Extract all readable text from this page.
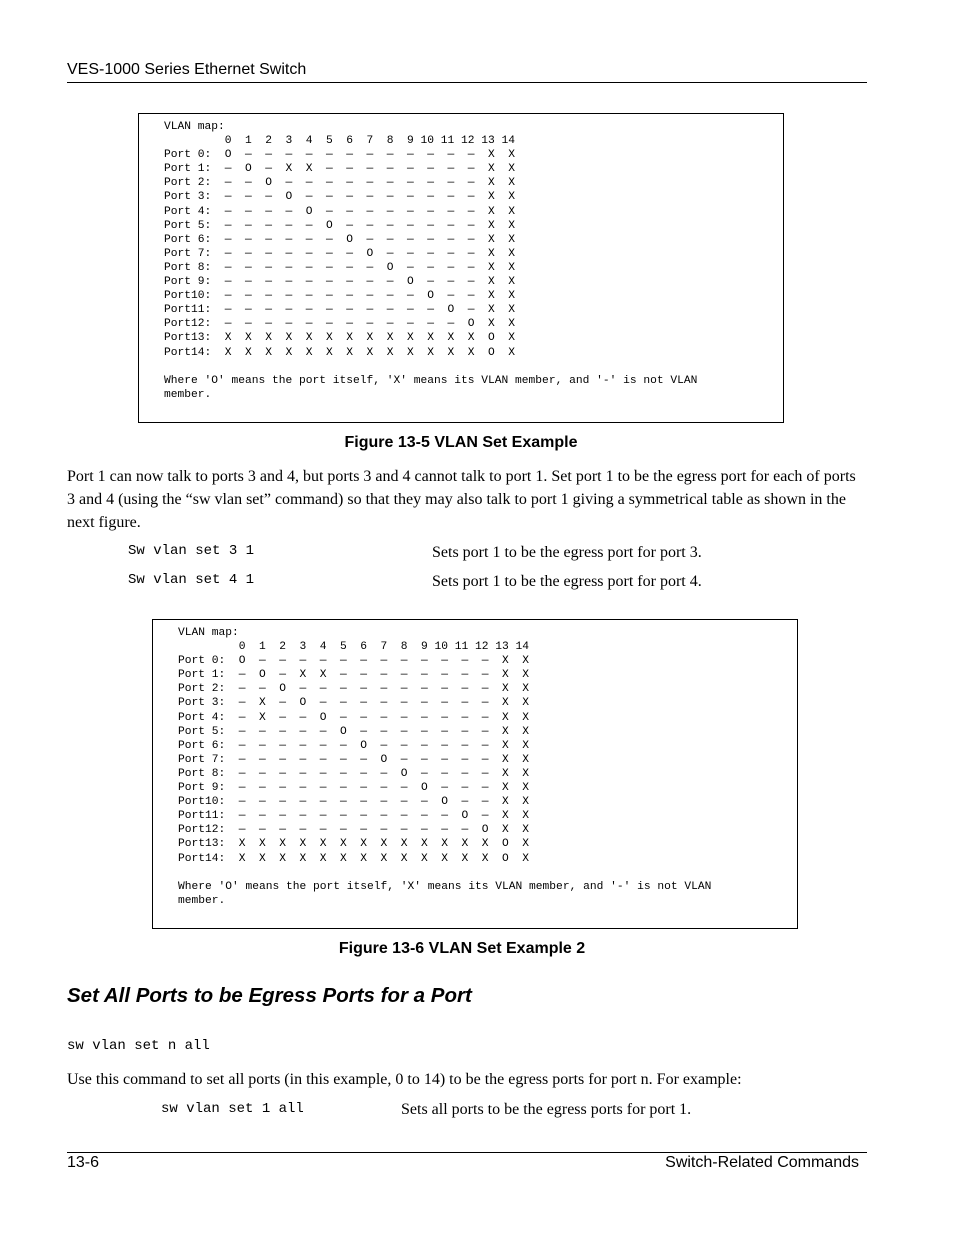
VES-1000 Series Ethernet Switch
VLAN map:
0  1  2  3  4  5  6  7  8  9 10 11 12 13 14
Port 0:  O  —  —  —  —  —  —  —  —  —  —  —  —  X  X
Port 1:  —  O  —  X  X  —  —  —  —  —  —  —  —  X  X
Port 2:  —  —  O  —  —  —  —  —  —  —  —  —  —  X  X
Port 3:  —  —  —  O  —  —  —  —  —  —  —  —  —  X  X
Port 4:  —  —  —  —  O  —  —  —  —  —  —  —  —  X  X
Port 5:  —  —  —  —  —  O  —  —  —  —  —  —  —  X  X
Port 6:  —  —  —  —  —  —  O  —  —  —  —  —  —  X  X
Port 7:  —  —  —  —  —  —  —  O  —  —  —  —  —  X  X
Port 8:  —  —  —  —  —  —  —  —  O  —  —  —  —  X  X
Port 9:  —  —  —  —  —  —  —  —  —  O  —  —  —  X  X
Port10:  —  —  —  —  —  —  —  —  —  —  O  —  —  X  X
Port11:  —  —  —  —  —  —  —  —  —  —  —  O  —  X  X
Port12:  —  —  —  —  —  —  —  —  —  —  —  —  O  X  X
Port13:  X  X  X  X  X  X  X  X  X  X  X  X  X  O  X
Port14:  X  X  X  X  X  X  X  X  X  X  X  X  X  O  X

Where 'O' means the port itself, 'X' means its VLAN member, and '-' is not VLAN
member.
Figure 13-5 VLAN Set Example
Port 1 can now talk to ports 3 and 4, but ports 3 and 4 cannot talk to port 1. Set port 1 to be the egress port for each of ports 3 and 4 (using the “sw vlan set” command) so that they may also talk to port 1 giving a symmetrical table as shown in the next figure.
Sw vlan set 3 1	Sets port 1 to be the egress port for port 3.
Sw vlan set 4 1	Sets port 1 to be the egress port for port 4.
VLAN map:
0  1  2  3  4  5  6  7  8  9 10 11 12 13 14
Port 0:  O  —  —  —  —  —  —  —  —  —  —  —  —  X  X
Port 1:  —  O  —  X  X  —  —  —  —  —  —  —  —  X  X
Port 2:  —  —  O  —  —  —  —  —  —  —  —  —  —  X  X
Port 3:  —  X  —  O  —  —  —  —  —  —  —  —  —  X  X
Port 4:  —  X  —  —  O  —  —  —  —  —  —  —  —  X  X
Port 5:  —  —  —  —  —  O  —  —  —  —  —  —  —  X  X
Port 6:  —  —  —  —  —  —  O  —  —  —  —  —  —  X  X
Port 7:  —  —  —  —  —  —  —  O  —  —  —  —  —  X  X
Port 8:  —  —  —  —  —  —  —  —  O  —  —  —  —  X  X
Port 9:  —  —  —  —  —  —  —  —  —  O  —  —  —  X  X
Port10:  —  —  —  —  —  —  —  —  —  —  O  —  —  X  X
Port11:  —  —  —  —  —  —  —  —  —  —  —  O  —  X  X
Port12:  —  —  —  —  —  —  —  —  —  —  —  —  O  X  X
Port13:  X  X  X  X  X  X  X  X  X  X  X  X  X  O  X
Port14:  X  X  X  X  X  X  X  X  X  X  X  X  X  O  X

Where 'O' means the port itself, 'X' means its VLAN member, and '-' is not VLAN
member.
Figure 13-6 VLAN Set Example 2
Set All Ports to be Egress Ports for a Port
sw vlan set n all
Use this command to set all ports (in this example, 0 to 14) to be the egress ports for port n. For example:
sw vlan set 1 all	Sets all ports to be the egress ports for port 1.
13-6	Switch-Related Commands
